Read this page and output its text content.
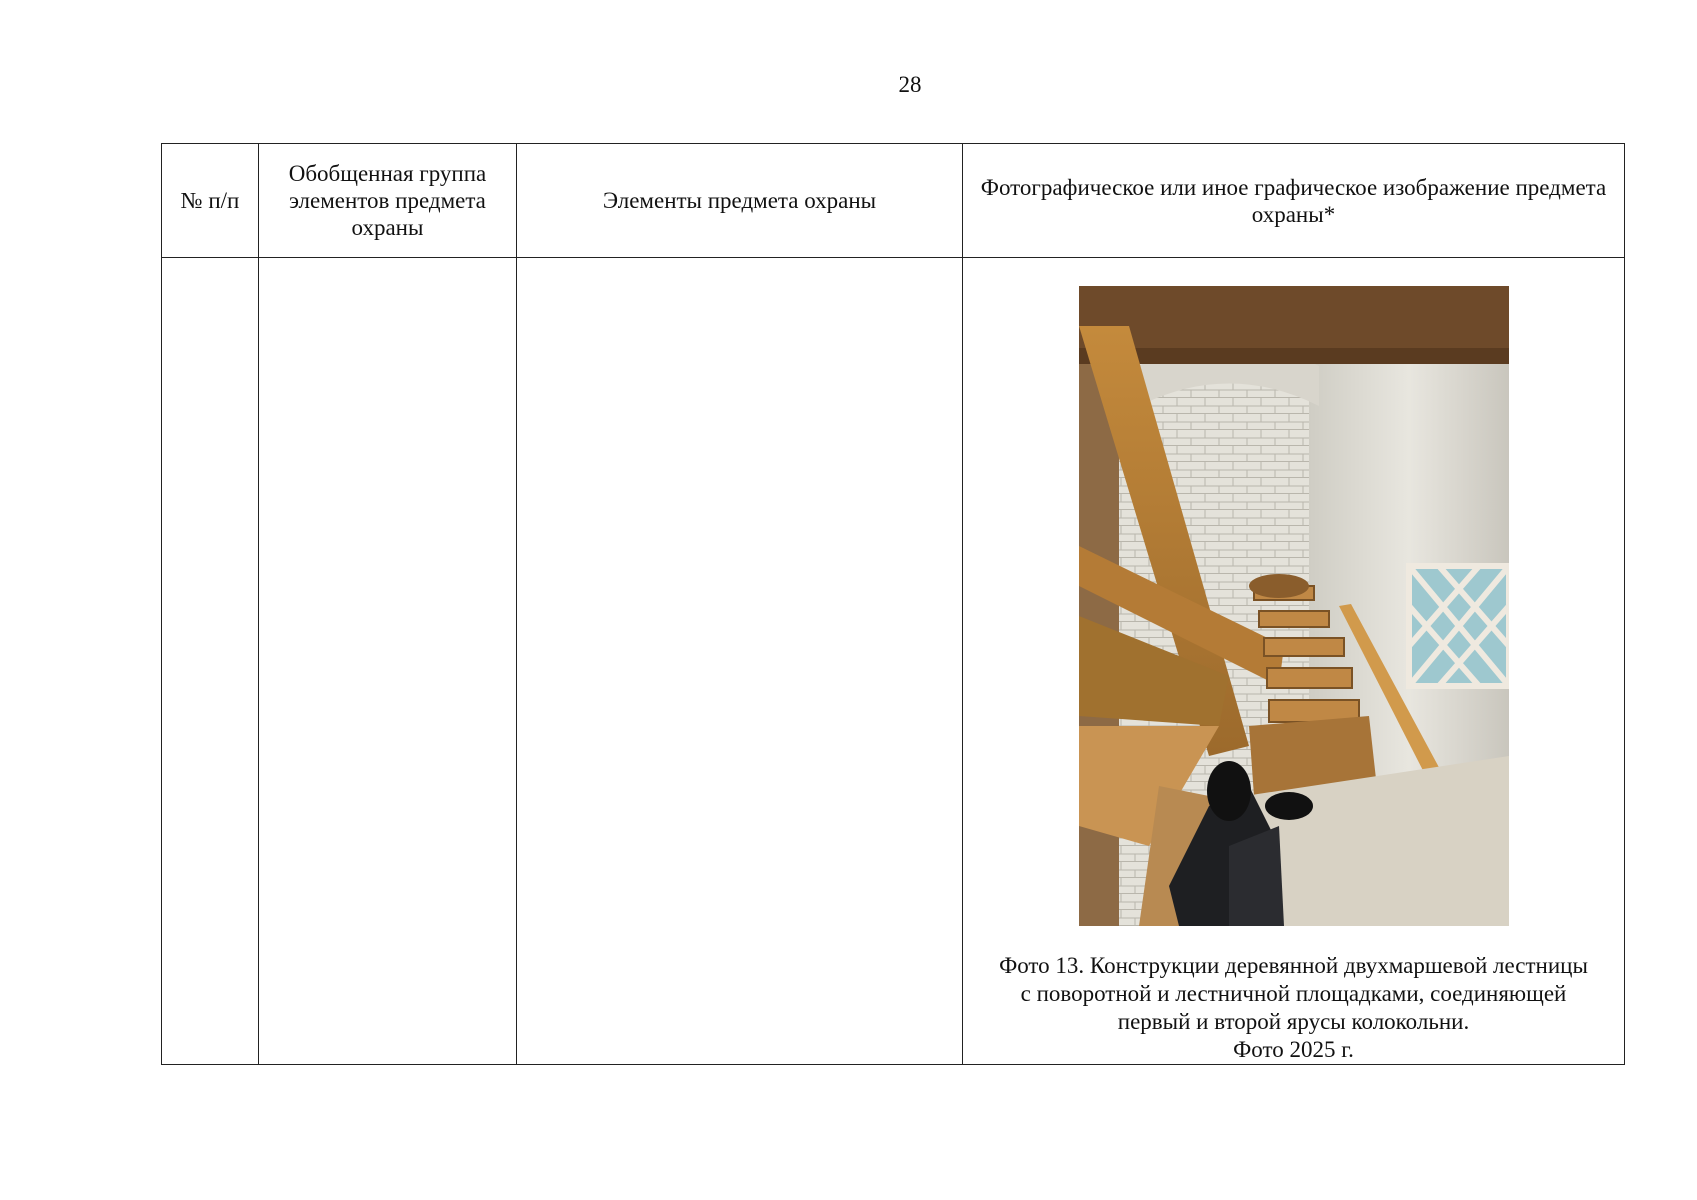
28
№ п/п	Обобщенная группа элементов предмета охраны	Элементы предмета охраны	Фотографическое или иное графическое изображение предмета охраны*

			Фото 13. Конструкции деревянной двухмаршевой лестницы
с поворотной и лестничной площадками, соединяющей
первый и второй ярусы колокольни.
Фото 2025 г.
